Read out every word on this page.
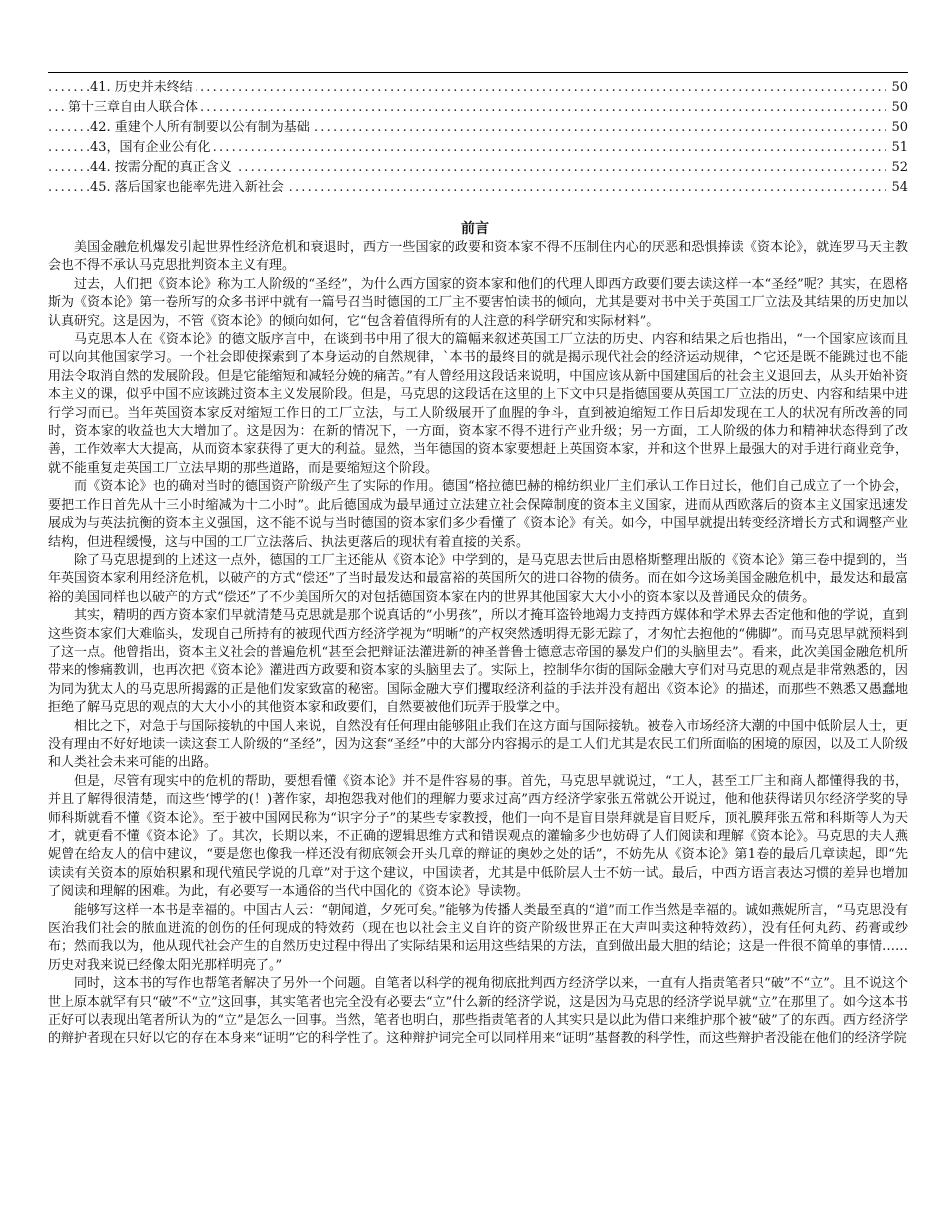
.....
41. 历史并未终结	50
.....
第十三章自由人联合体	50
.....
42. 重建个人所有制要以公有制为基础	50
.....
43，国有企业公有化	51
.....
44. 按需分配的真正含义	52
.....
45. 落后国家也能率先进入新社会	54
前言

美国金融危机爆发引起世界性经济危机和衰退时，西方一些国家的政要和资本家不得不压制住内心的厌恶和恐惧捧读《资本论》，就连罗马天主教会也不得不承认马克思批判资本主义有理。

过去，人们把《资本论》称为工人阶级的“圣经”，为什么西方国家的资本家和他们的代理人即西方政要们要去读这样一本“圣经”呢？其实，在恩格斯为《资本论》第一卷所写的众多书评中就有一篇号召当时德国的工厂主不要害怕读书的倾向，尤其是要对书中关于英国工厂立法及其结果的历史加以认真研究。这是因为，不管《资本论》的倾向如何，它“包含着值得所有的人注意的科学研究和实际材料”。

马克思本人在《资本论》的德文版序言中，在谈到书中用了很大的篇幅来叙述英国工厂立法的历史、内容和结果之后也指出，“一个国家应该而且可以向其他国家学习。一个社会即使探索到了本身运动的自然规律，`本书的最终目的就是揭示现代社会的经济运动规律，^它还是既不能跳过也不能用法令取消自然的发展阶段。但是它能缩短和减轻分娩的痛苦。”有人曾经用这段话来说明，中国应该从新中国建国后的社会主义退回去，从头开始补资本主义的课，似乎中国不应该跳过资本主义发展阶段。但是，马克思的这段话在这里的上下文中只是指德国要从英国工厂立法的历史、内容和结果中进行学习而已。当年英国资本家反对缩短工作日的工厂立法，与工人阶级展开了血腥的争斗，直到被迫缩短工作日后却发现在工人的状况有所改善的同时，资本家的收益也大大增加了。这是因为：在新的情况下，一方面，资本家不得不进行产业升级；另一方面，工人阶级的体力和精神状态得到了改善，工作效率大大提高，从而资本家获得了更大的利益。显然，当年德国的资本家要想赶上英国资本家，并和这个世界上最强大的对手进行商业竞争，就不能重复走英国工厂立法早期的那些道路，而是要缩短这个阶段。

而《资本论》也的确对当时的德国资产阶级产生了实际的作用。德国“格拉德巴赫的棉纺织业厂主们承认工作日过长，他们自己成立了一个协会，要把工作日首先从十三小时缩减为十二小时”。此后德国成为最早通过立法建立社会保障制度的资本主义国家，进而从西欧落后的资本主义国家迅速发展成为与英法抗衡的资本主义强国，这不能不说与当时德国的资本家们多少看懂了《资本论》有关。如今，中国早就提出转变经济增长方式和调整产业结构，但进程缓慢，这与中国的工厂立法落后、执法更落后的现状有着直接的关系。

除了马克思提到的上述这一点外，德国的工厂主还能从《资本论》中学到的，是马克思去世后由恩格斯整理出版的《资本论》第三卷中提到的，当年英国资本家利用经济危机，以破产的方式“偿还”了当时最发达和最富裕的英国所欠的进口谷物的债务。而在如今这场美国金融危机中，最发达和最富裕的美国同样也以破产的方式“偿还”了不少美国所欠的对包括德国资本家在内的世界其他国家大大小小的资本家以及普通民众的债务。

其实，精明的西方资本家们早就清楚马克思就是那个说真话的“小男孩”，所以才掩耳盗铃地竭力支持西方媒体和学术界去否定他和他的学说，直到这些资本家们大难临头，发现自己所持有的被现代西方经济学视为“明晰”的产权突然透明得无影无踪了，才匆忙去抱他的“佛脚”。而马克思早就预料到了这一点。他曾指出，资本主义社会的普遍危机“甚至会把辩证法灌进新的神圣普鲁士德意志帝国的暴发户们的头脑里去”。看来，此次美国金融危机所带来的惨痛教训，也再次把《资本论》灌进西方政要和资本家的头脑里去了。实际上，控制华尔街的国际金融大亨们对马克思的观点是非常熟悉的，因为同为犹太人的马克思所揭露的正是他们发家致富的秘密。国际金融大亨们攫取经济利益的手法并没有超出《资本论》的描述，而那些不熟悉又愚蠢地拒绝了解马克思的观点的大大小小的其他资本家和政要们，自然要被他们玩弄于股掌之中。

相比之下，对急于与国际接轨的中国人来说，自然没有任何理由能够阻止我们在这方面与国际接轨。被卷入市场经济大潮的中国中低阶层人士，更没有理由不好好地读一读这套工人阶级的“圣经”，因为这套“圣经”中的大部分内容揭示的是工人们尤其是农民工们所面临的困境的原因，以及工人阶级和人类社会未来可能的出路。

但是，尽管有现实中的危机的帮助，要想看懂《资本论》并不是件容易的事。首先，马克思早就说过，“工人，甚至工厂主和商人都懂得我的书，并且了解得很清楚，而这些‘博学的(！)著作家，却抱怨我对他们的理解力要求过高”西方经济学家张五常就公开说过，他和他获得诺贝尔经济学奖的导师科斯就看不懂《资本论》。至于被中国网民称为“识字分子”的某些专家教授，他们一向不是盲目崇拜就是盲目贬斥，顶礼膜拜张五常和科斯等人为天才，就更看不懂《资本论》了。其次，长期以来，不正确的逻辑思维方式和错误观点的灌输多少也妨碍了人们阅读和理解《资本论》。马克思的夫人燕妮曾在给友人的信中建议，“要是您也像我一样还没有彻底领会开头几章的辩证的奥妙之处的话”，不妨先从《资本论》第1卷的最后几章读起，即“先读读有关资本的原始积累和现代殖民学说的几章”对于这个建议，中国读者，尤其是中低阶层人士不妨一试。最后，中西方语言表达习惯的差异也增加了阅读和理解的困难。为此，有必要写一本通俗的当代中国化的《资本论》导读物。

能够写这样一本书是幸福的。中国古人云：“朝闻道，夕死可矣。”能够为传播人类最至真的“道”而工作当然是幸福的。诚如燕妮所言，“马克思没有医治我们社会的脓血迸流的创伤的任何现成的特效药（现在也以社会主义自许的资产阶级世界正在大声叫卖这种特效药），没有任何丸药、药膏或纱布；然而我以为，他从现代社会产生的自然历史过程中得出了实际结果和运用这些结果的方法，直到做出最大胆的结论；这是一件很不简单的事情……历史对我来说已经像太阳光那样明亮了。”

同时，这本书的写作也帮笔者解决了另外一个问题。自笔者以科学的视角彻底批判西方经济学以来，一直有人指责笔者只“破”不“立”。且不说这个世上原本就罕有只“破”不“立”这回事，其实笔者也完全没有必要去“立”什么新的经济学说，这是因为马克思的经济学说早就“立”在那里了。如今这本书正好可以表现出笔者所认为的“立”是怎么一回事。当然，笔者也明白，那些指责笔者的人其实只是以此为借口来维护那个被“破”了的东西。西方经济学的辩护者现在只好以它的存在本身来“证明”它的科学性了。这种辩护词完全可以同样用来“证明”基督教的科学性，而这些辩护者没能在他们的经济学院
